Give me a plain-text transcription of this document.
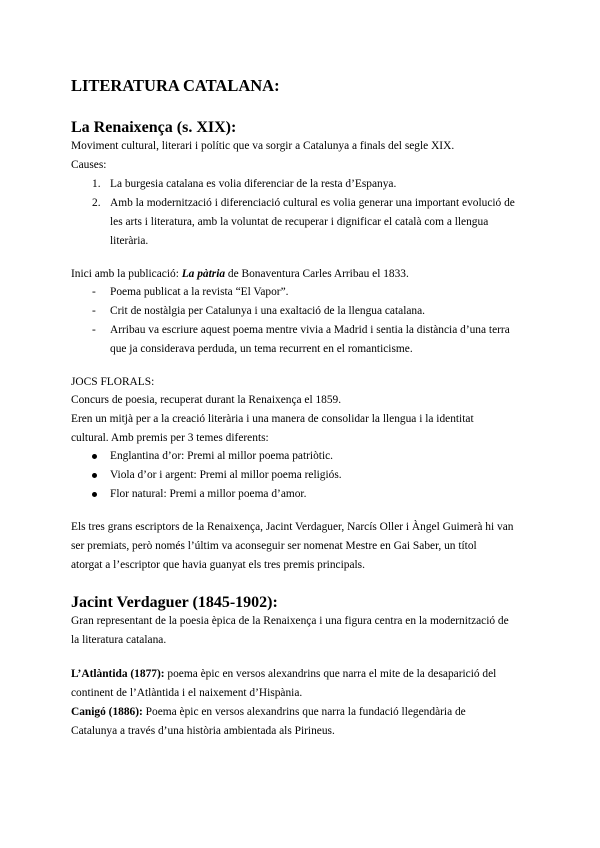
LITERATURA CATALANA:
La Renaixença (s. XIX):
Moviment cultural, literari i polític que va sorgir a Catalunya a finals del segle XIX.
Causes:
1. La burgesia catalana es volia diferenciar de la resta d’Espanya.
2. Amb la modernització i diferenciació cultural es volia generar una important evolució de
les arts i literatura, amb la voluntat de recuperar i dignificar el català com a llengua
literària.
Inici amb la publicació: La pàtria de Bonaventura Carles Arribau el 1833.
- Poema publicat a la revista “El Vapor”.
- Crit de nostàlgia per Catalunya i una exaltació de la llengua catalana.
- Arribau va escriure aquest poema mentre vivia a Madrid i sentia la distància d’una terra
que ja considerava perduda, un tema recurrent en el romanticisme.
JOCS FLORALS:
Concurs de poesia, recuperat durant la Renaixença el 1859.
Eren un mitjà per a la creació literària i una manera de consolidar la llengua i la identitat
cultural. Amb premis per 3 temes diferents:
Englantina d’or: Premi al millor poema patriòtic.
Viola d’or i argent: Premi al millor poema religiós.
Flor natural: Premi a millor poema d’amor.
Els tres grans escriptors de la Renaixença, Jacint Verdaguer, Narcís Oller i Àngel Guimerà hi van
ser premiats, però només l’últim va aconseguir ser nomenat Mestre en Gai Saber, un títol
atorgat a l’escriptor que havia guanyat els tres premis principals.
Jacint Verdaguer (1845-1902):
Gran representant de la poesia èpica de la Renaixença i una figura centra en la modernització de
la literatura catalana.
L’Atlàntida (1877): poema èpic en versos alexandrins que narra el mite de la desaparició del
continent de l’Atlàntida i el naixement d’Hispània.
Canigó (1886): Poema èpic en versos alexandrins que narra la fundació llegendària de
Catalunya a través d’una història ambientada als Pirineus.
